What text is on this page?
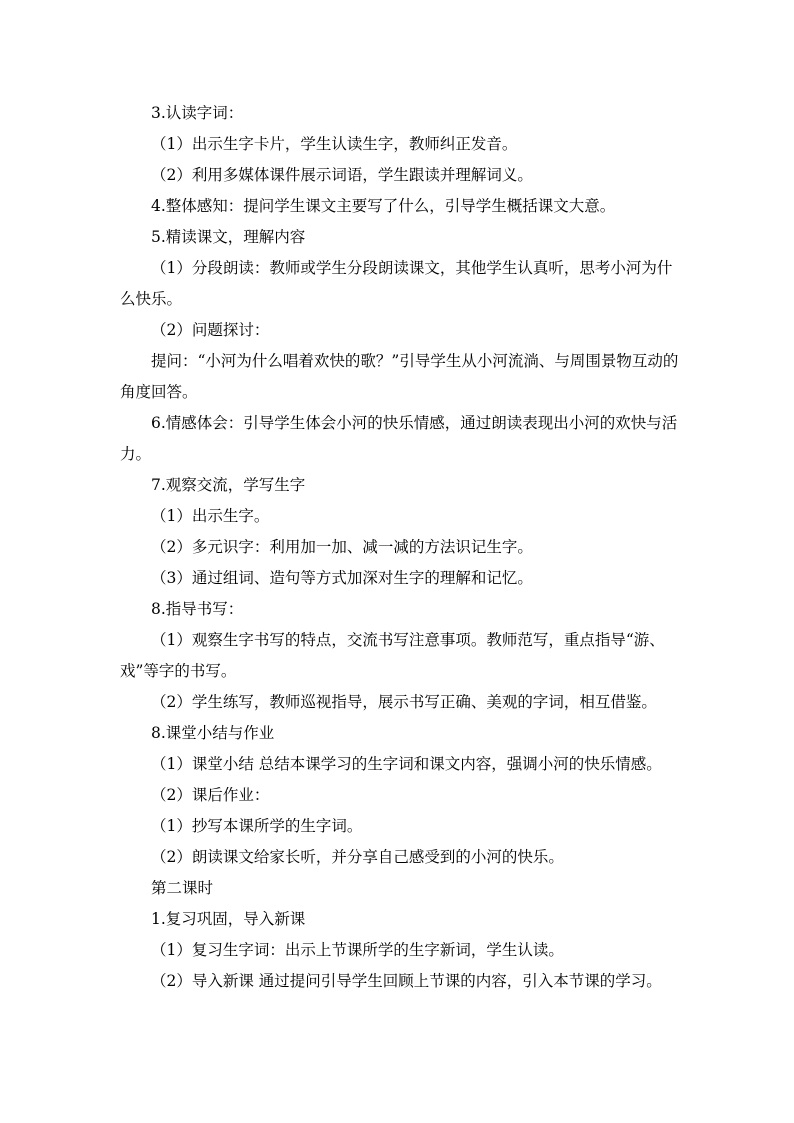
3.认读字词：

（1）出示生字卡片，学生认读生字，教师纠正发音。

（2）利用多媒体课件展示词语，学生跟读并理解词义。

4.整体感知：提问学生课文主要写了什么，引导学生概括课文大意。

5.精读课文，理解内容

（1）分段朗读：教师或学生分段朗读课文，其他学生认真听，思考小河为什么快乐。

（2）问题探讨：

提问：“小河为什么唱着欢快的歌？”引导学生从小河流淌、与周围景物互动的角度回答。

6.情感体会：引导学生体会小河的快乐情感，通过朗读表现出小河的欢快与活力。

7.观察交流，学写生字

（1）出示生字。

（2）多元识字：利用加一加、减一减的方法识记生字。

（3）通过组词、造句等方式加深对生字的理解和记忆。

8.指导书写：

（1）观察生字书写的特点，交流书写注意事项。教师范写，重点指导“游、戏”等字的书写。

（2）学生练写，教师巡视指导，展示书写正确、美观的字词，相互借鉴。

8.课堂小结与作业

（1）课堂小结 总结本课学习的生字词和课文内容，强调小河的快乐情感。

（2）课后作业：

（1）抄写本课所学的生字词。

（2）朗读课文给家长听，并分享自己感受到的小河的快乐。

第二课时

1.复习巩固，导入新课

（1）复习生字词：出示上节课所学的生字新词，学生认读。

（2）导入新课 通过提问引导学生回顾上节课的内容，引入本节课的学习。
